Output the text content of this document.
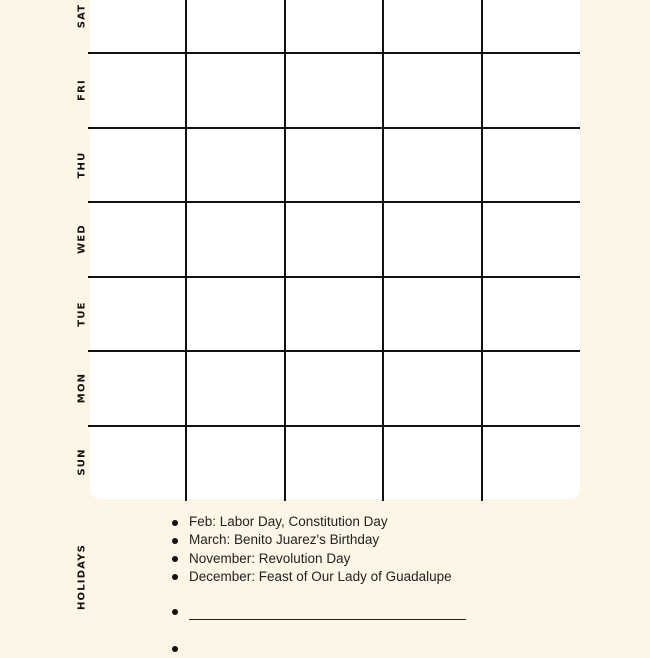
SAT
FRI
THU
WED
TUE
MON
SUN
HOLIDAYS
Feb: Labor Day, Constitution Day
March: Benito Juarez's Birthday
November: Revolution Day
December: Feast of Our Lady of Guadalupe
